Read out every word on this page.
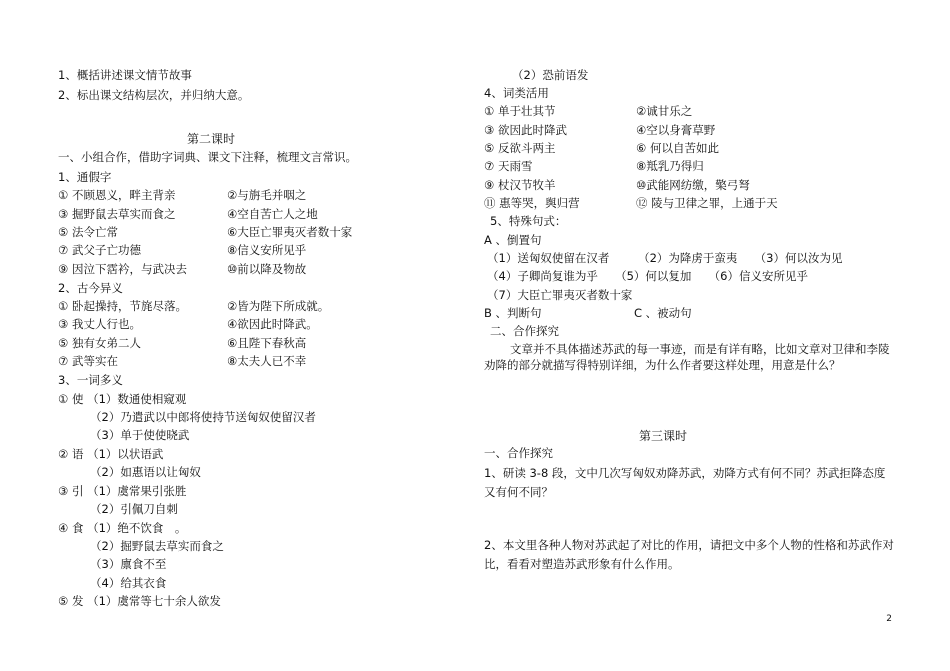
1、概括讲述课文情节故事
2、标出课文结构层次，并归纳大意。
第二课时
一、小组合作，借助字词典、课文下注释，梳理文言常识。
1、通假字
① 不顾恩义，畔主背亲	②与旃毛并咽之
③ 掘野鼠去草实而食之	④空自苦亡人之地
⑤ 法令亡常	⑥大臣亡罪夷灭者数十家
⑦ 武父子亡功德	⑧信义安所见乎
⑨ 因泣下霑衿，与武决去	⑩前以降及物故
2、古今异义
① 卧起操持，节旄尽落。	②皆为陛下所成就。
③ 我丈人行也。	④欲因此时降武。
⑤ 独有女弟二人	⑥且陛下春秋高
⑦ 武等实在	⑧太夫人已不幸
3、一词多义
① 使 （1）数通使相窥观
（2）乃遣武以中郎将使持节送匈奴使留汉者
（3）单于使使晓武
② 语 （1）以状语武
（2）如惠语以让匈奴
③ 引 （1）虞常果引张胜
（2）引佩刀自刺
④ 食 （1）绝不饮食　。
（2）掘野鼠去草实而食之
（3）廪食不至
（4）给其衣食
⑤ 发 （1）虞常等七十余人欲发
（2）恐前语发
4、词类活用
① 单于壮其节	②诚甘乐之
③ 欲因此时降武	④空以身膏草野
⑤ 反欲斗两主	⑥ 何以自苦如此
⑦ 天雨雪	⑧羝乳乃得归
⑨ 杖汉节牧羊	⑩武能网纺缴，檠弓弩
⑪ 惠等哭，舆归营	⑫ 陵与卫律之罪，上通于天
5、特殊句式：
A 、倒置句
（1）送匈奴使留在汉者　　　（2）为降虏于蛮夷　　（3）何以汝为见
（4）子卿尚复谁为乎　　（5）何以复加　　（6）信义安所见乎
（7）大臣亡罪夷灭者数十家
B 、判断句	C 、被动句
二、合作探究
文章并不具体描述苏武的每一事迹，而是有详有略，比如文章对卫律和李陵劝降的部分就描写得特别详细，为什么作者要这样处理，用意是什么？
第三课时
一、合作探究
1、研读 3-8 段，文中几次写匈奴劝降苏武，劝降方式有何不同？苏武拒降态度又有何不同？
2、本文里各种人物对苏武起了对比的作用，请把文中多个人物的性格和苏武作对比，看看对塑造苏武形象有什么作用。
2
